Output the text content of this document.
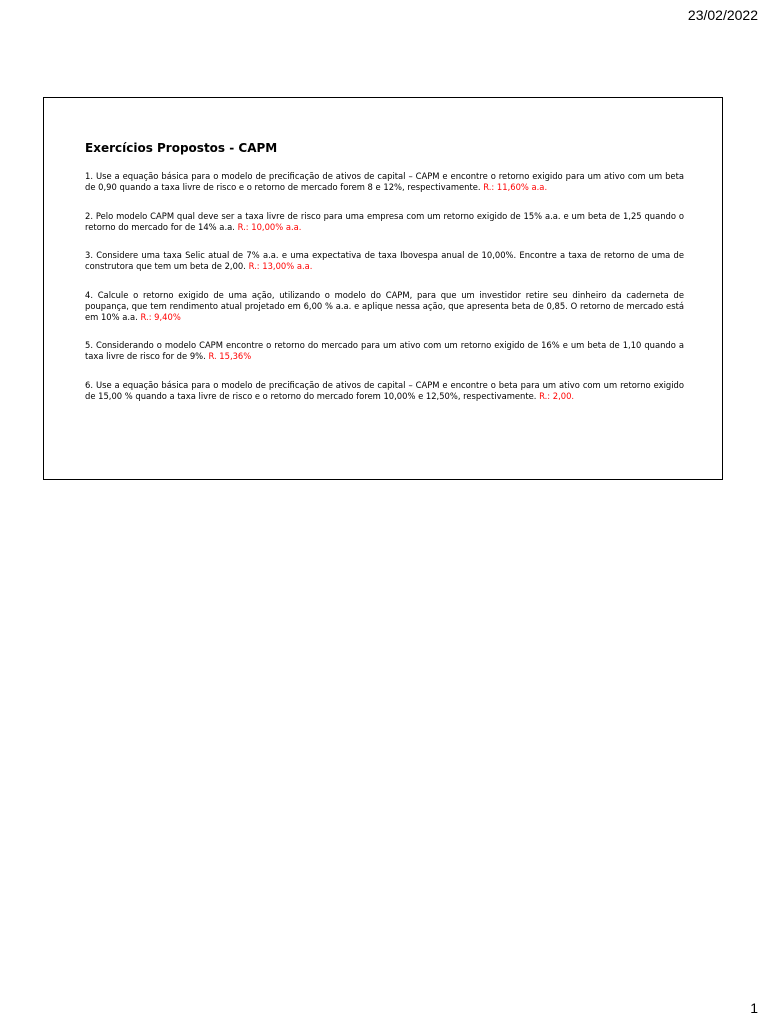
23/02/2022
Exercícios Propostos - CAPM

1. Use a equação básica para o modelo de precificação de ativos de capital – CAPM e encontre o retorno exigido para um ativo com um beta de 0,90 quando a taxa livre de risco e o retorno de mercado forem 8 e 12%, respectivamente. R.: 11,60% a.a.

2. Pelo modelo CAPM qual deve ser a taxa livre de risco para uma empresa com um retorno exigido de 15% a.a. e um beta de 1,25 quando o retorno do mercado for de 14% a.a. R.: 10,00% a.a.

3. Considere uma taxa Selic atual de 7% a.a. e uma expectativa de taxa Ibovespa anual de 10,00%. Encontre a taxa de retorno de uma de construtora que tem um beta de 2,00. R.: 13,00% a.a.

4. Calcule o retorno exigido de uma ação, utilizando o modelo do CAPM, para que um investidor retire seu dinheiro da caderneta de poupança, que tem rendimento atual projetado em 6,00 % a.a. e aplique nessa ação, que apresenta beta de 0,85. O retorno de mercado está em 10% a.a. R.: 9,40%

5. Considerando o modelo CAPM encontre o retorno do mercado para um ativo com um retorno exigido de 16% e um beta de 1,10 quando a taxa livre de risco for de 9%. R. 15,36%

6. Use a equação básica para o modelo de precificação de ativos de capital – CAPM e encontre o beta para um ativo com um retorno exigido de 15,00 % quando a taxa livre de risco e o retorno do mercado forem 10,00% e 12,50%, respectivamente. R.: 2,00.

1
